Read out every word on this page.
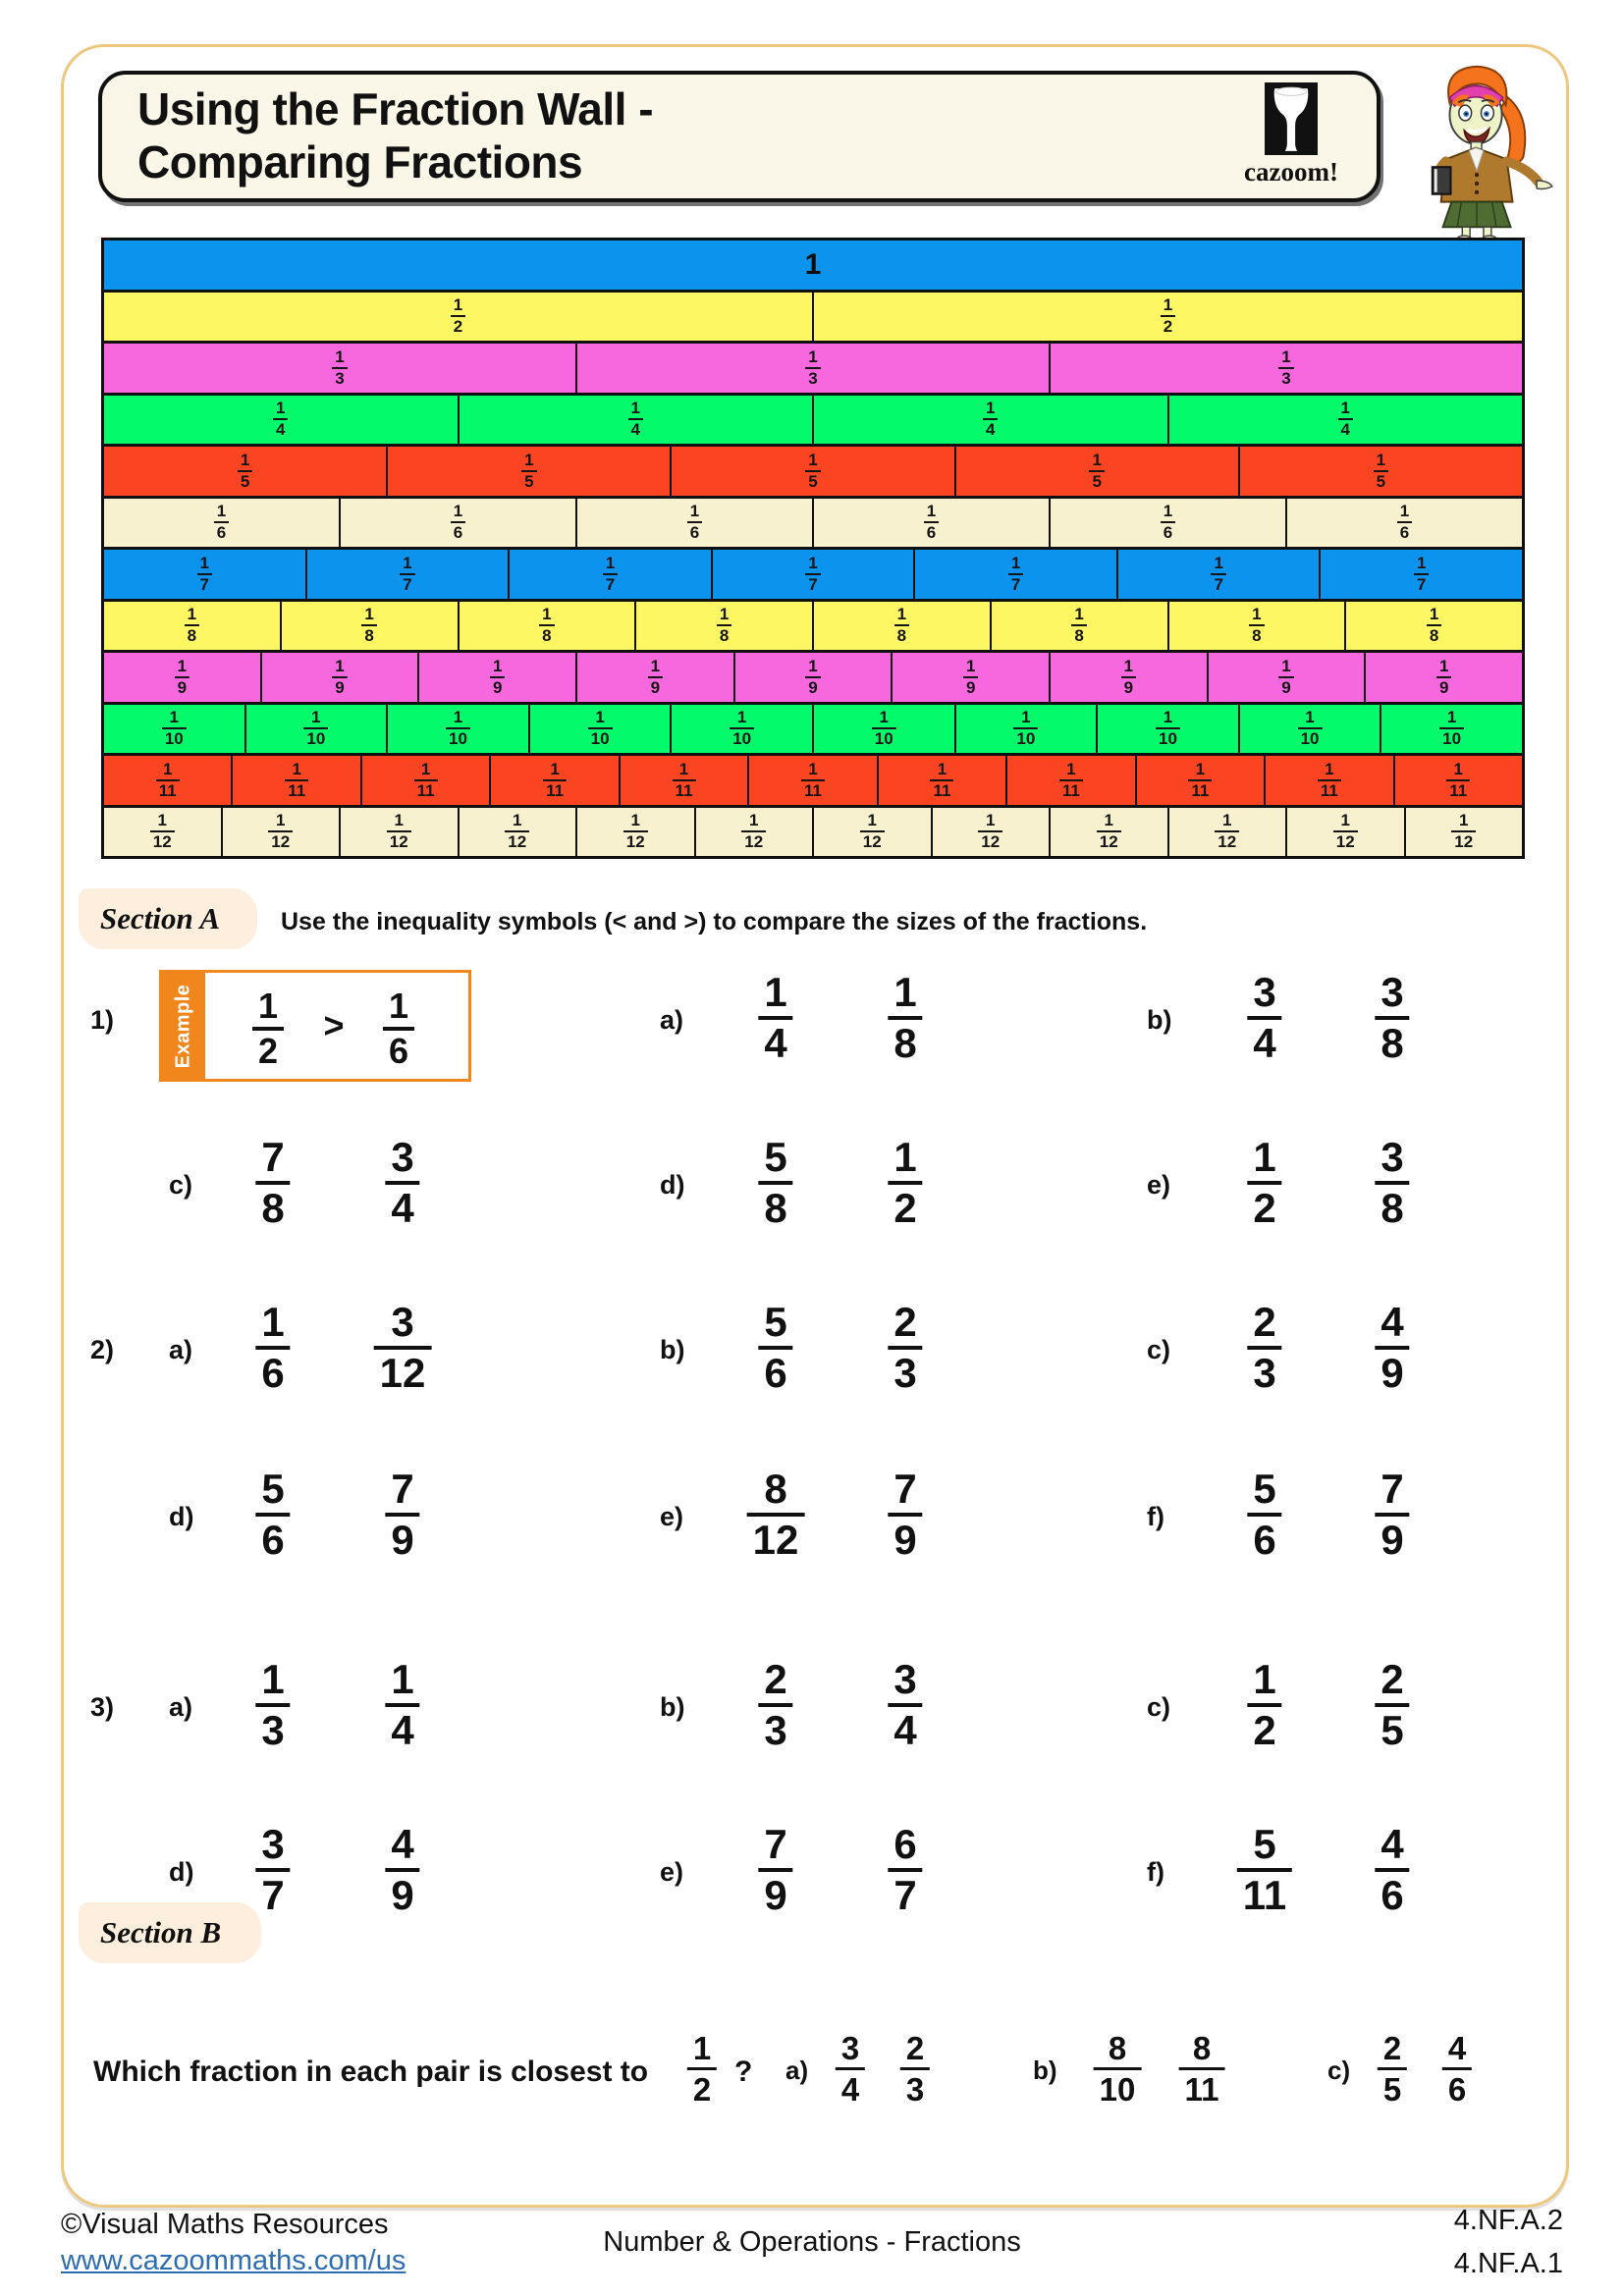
Using the Fraction Wall -
Comparing Fractions	cazoom!
1
$\frac{1}{2}$	$\frac{1}{2}$
$\frac{1}{3}$	$\frac{1}{3}$	$\frac{1}{3}$
$\frac{1}{4}$	$\frac{1}{4}$	$\frac{1}{4}$	$\frac{1}{4}$
$\frac{1}{5}$	$\frac{1}{5}$	$\frac{1}{5}$	$\frac{1}{5}$	$\frac{1}{5}$
$\frac{1}{6}$	$\frac{1}{6}$	$\frac{1}{6}$	$\frac{1}{6}$	$\frac{1}{6}$	$\frac{1}{6}$
$\frac{1}{7}$	$\frac{1}{7}$	$\frac{1}{7}$	$\frac{1}{7}$	$\frac{1}{7}$	$\frac{1}{7}$	$\frac{1}{7}$
$\frac{1}{8}$	$\frac{1}{8}$	$\frac{1}{8}$	$\frac{1}{8}$	$\frac{1}{8}$	$\frac{1}{8}$	$\frac{1}{8}$	$\frac{1}{8}$
$\frac{1}{9}$	$\frac{1}{9}$	$\frac{1}{9}$	$\frac{1}{9}$	$\frac{1}{9}$	$\frac{1}{9}$	$\frac{1}{9}$	$\frac{1}{9}$	$\frac{1}{9}$
$\frac{1}{10}$	$\frac{1}{10}$	$\frac{1}{10}$	$\frac{1}{10}$	$\frac{1}{10}$	$\frac{1}{10}$	$\frac{1}{10}$	$\frac{1}{10}$	$\frac{1}{10}$	$\frac{1}{10}$
$\frac{1}{11}$	$\frac{1}{11}$	$\frac{1}{11}$	$\frac{1}{11}$	$\frac{1}{11}$	$\frac{1}{11}$	$\frac{1}{11}$	$\frac{1}{11}$	$\frac{1}{11}$	$\frac{1}{11}$	$\frac{1}{11}$
$\frac{1}{12}$	$\frac{1}{12}$	$\frac{1}{12}$	$\frac{1}{12}$	$\frac{1}{12}$	$\frac{1}{12}$	$\frac{1}{12}$	$\frac{1}{12}$	$\frac{1}{12}$	$\frac{1}{12}$	$\frac{1}{12}$	$\frac{1}{12}$
Section A Use the inequality symbols (< and >) to compare the sizes of the fractions.
Example $\frac{1}{2} > \frac{1}{6}$
1)	$a) \frac{1}{4} \frac{1}{8}$	$b) \frac{3}{4} \frac{3}{8}$
$c) \frac{7}{8} \frac{3}{4}$	$d) \frac{5}{8} \frac{1}{2}$	$e) \frac{1}{2} \frac{3}{8}$
2) $a) \frac{1}{6} \frac{3}{12}$	$b) \frac{5}{6} \frac{2}{3}$	$c) \frac{2}{3} \frac{4}{9}$
$d) \frac{5}{6} \frac{7}{9}$	$e) \frac{8}{12} \frac{7}{9}$	$f) \frac{5}{6} \frac{7}{9}$
3) $a) \frac{1}{3} \frac{1}{4}$	$b) \frac{2}{3} \frac{3}{4}$	$c) \frac{1}{2} \frac{2}{5}$
$d) \frac{3}{7} \frac{4}{9}$	$e) \frac{7}{9} \frac{6}{7}$	$f) \frac{5}{11} \frac{4}{6}$
Section B
Which fraction in each pair is closest to $\frac{1}{2}$ ? $a) \frac{3}{4} \frac{2}{3}$	$b) \frac{8}{10} \frac{8}{11}$	$c) \frac{2}{5} \frac{4}{6}$
©Visual Maths Resources
www.cazoommaths.com/us
Number & Operations - Fractions
4.NF.A.2
4.NF.A.1
